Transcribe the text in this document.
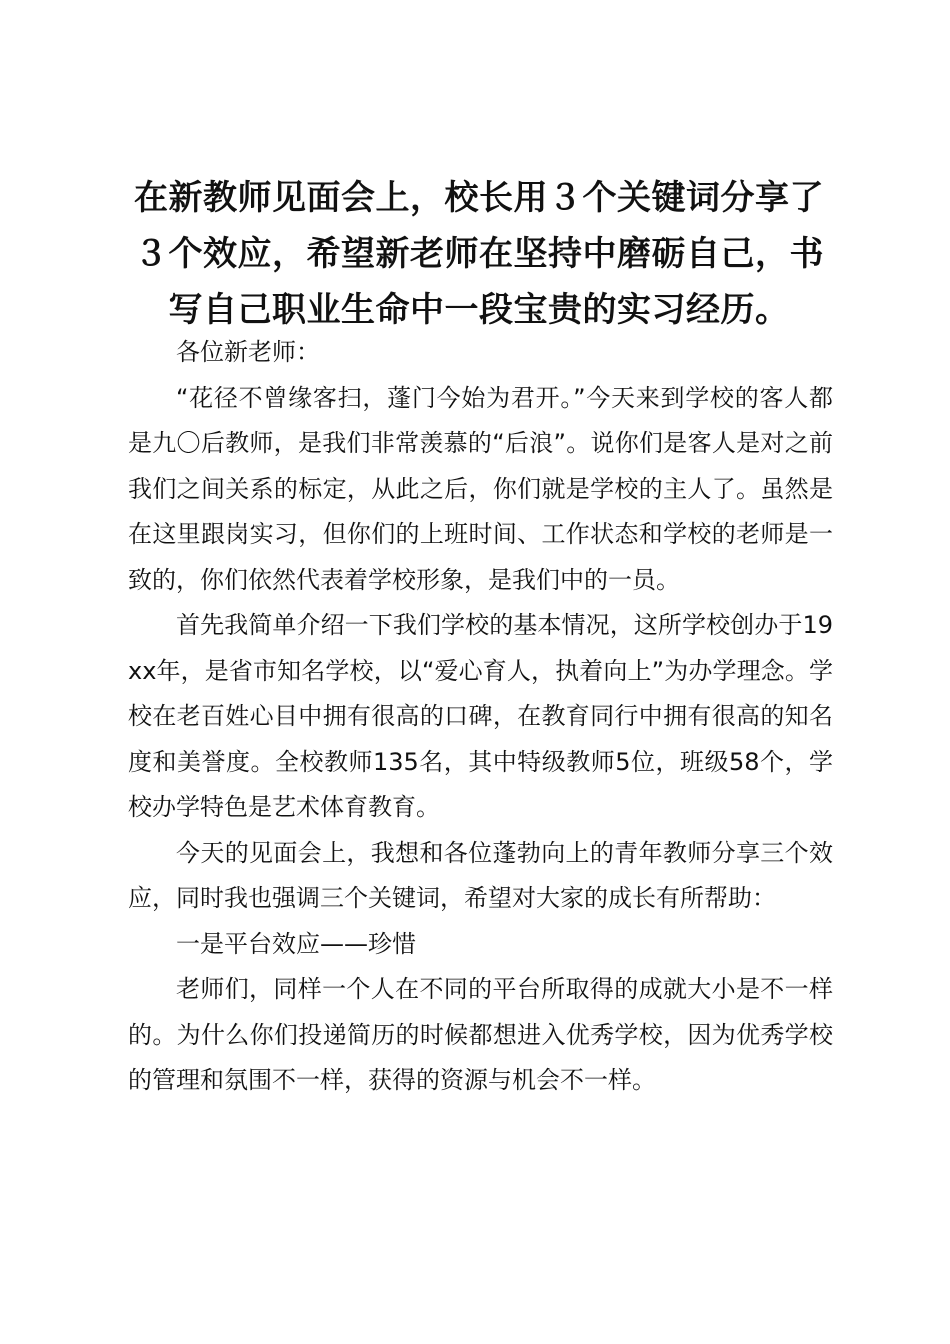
在新教师见面会上，校长用３个关键词分享了３个效应，希望新老师在坚持中磨砺自己，书写自己职业生命中一段宝贵的实习经历。

各位新老师：

“花径不曾缘客扫，蓬门今始为君开。”今天来到学校的客人都是九〇后教师，是我们非常羡慕的“后浪”。说你们是客人是对之前我们之间关系的标定，从此之后，你们就是学校的主人了。虽然是在这里跟岗实习，但你们的上班时间、工作状态和学校的老师是一致的，你们依然代表着学校形象，是我们中的一员。

首先我简单介绍一下我们学校的基本情况，这所学校创办于19xx年，是省市知名学校，以“爱心育人，执着向上”为办学理念。学校在老百姓心目中拥有很高的口碑，在教育同行中拥有很高的知名度和美誉度。全校教师135名，其中特级教师5位，班级58个，学校办学特色是艺术体育教育。

今天的见面会上，我想和各位蓬勃向上的青年教师分享三个效应，同时我也强调三个关键词，希望对大家的成长有所帮助：

一是平台效应——珍惜

老师们，同样一个人在不同的平台所取得的成就大小是不一样的。为什么你们投递简历的时候都想进入优秀学校，因为优秀学校的管理和氛围不一样，获得的资源与机会不一样。
